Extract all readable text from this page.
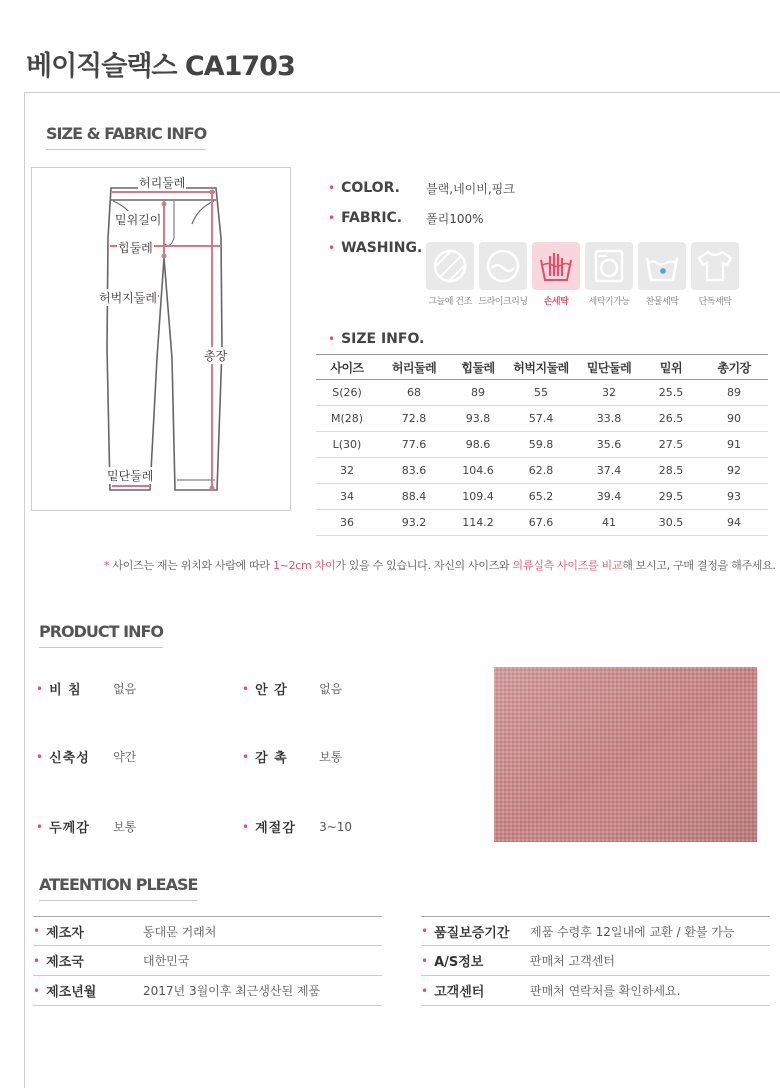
베이직슬랙스 CA1703
SIZE & FABRIC INFO
허리둘레
밑위길이
힙둘레
허벅지둘레
총장
밑단둘레
• COLOR.	블랙,네이비,핑크
• FABRIC.	폴리100%
• WASHING.
그늘에 건조 드라이크리닝	손세탁	세탁기가능	찬물세탁	단독세탁
• SIZE INFO.
사이즈	허리둘레	힙둘레	허벅지둘레	밑단둘레	밑위	총기장
S(26)	68	89	55	32	25.5	89
M(28)	72.8	93.8	57.4	33.8	26.5	90
L(30)	77.6	98.6	59.8	35.6	27.5	91
32	83.6	104.6	62.8	37.4	28.5	92
34	88.4	109.4	65.2	39.4	29.5	93
36	93.2	114.2	67.6	41	30.5	94
* 사이즈는 재는 위치와 사람에 따라 1~2cm 차이가 있을 수 있습니다. 자신의 사이즈와 의류실측 사이즈를 비교해 보시고, 구매 결정을 해주세요.
PRODUCT INFO
• 비 침	없음	• 안 감	없음
• 신축성	약간	• 감 촉	보통
• 두께감	보통	• 계절감	3~10
ATEENTION PLEASE
• 제조자	동대문 거래처
• 제조국	대한민국
• 제조년월	2017년 3월이후 최근생산된 제품
• 품질보증기간 제품 수령후 12일내에 교환 / 환불 가능
• A/S정보	판매처 고객센터
• 고객센터	판매처 연락처를 확인하세요.
